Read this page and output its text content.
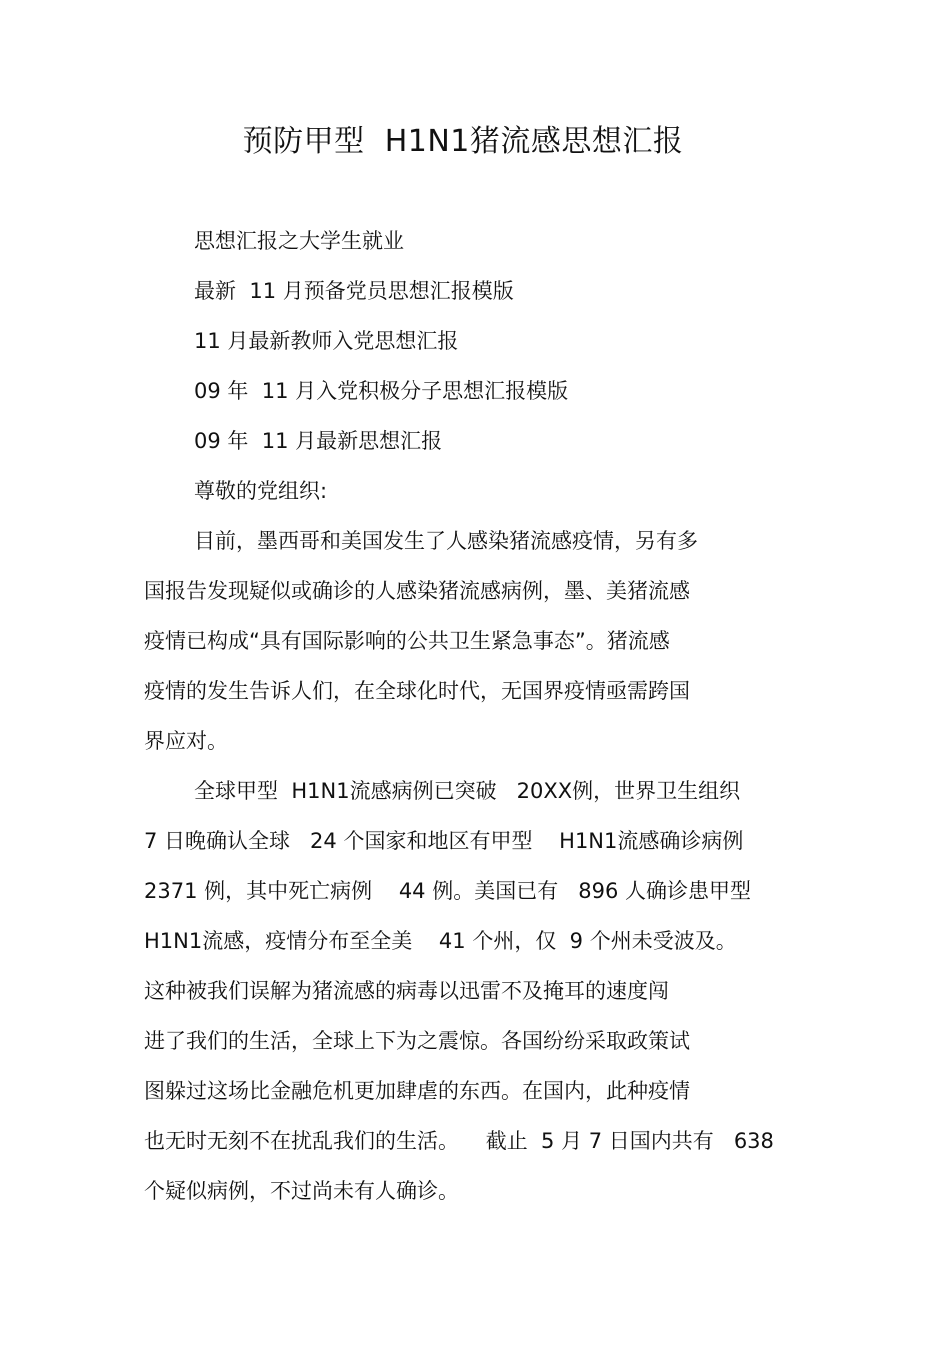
预防甲型  H1N1猪流感思想汇报
思想汇报之大学生就业
最新  11 月预备党员思想汇报模版
11 月最新教师入党思想汇报
09 年  11 月入党积极分子思想汇报模版
09 年  11 月最新思想汇报
尊敬的党组织:
目前，墨西哥和美国发生了人感染猪流感疫情，另有多
国报告发现疑似或确诊的人感染猪流感病例，墨、美猪流感
疫情已构成“具有国际影响的公共卫生紧急事态”。猪流感
疫情的发生告诉人们，在全球化时代，无国界疫情亟需跨国
界应对。
全球甲型  H1N1流感病例已突破   20XX例，世界卫生组织
7 日晚确认全球   24 个国家和地区有甲型    H1N1流感确诊病例
2371 例，其中死亡病例    44 例。美国已有   896 人确诊患甲型
H1N1流感，疫情分布至全美    41 个州，仅  9 个州未受波及。
这种被我们误解为猪流感的病毒以迅雷不及掩耳的速度闯
进了我们的生活，全球上下为之震惊。各国纷纷采取政策试
图躲过这场比金融危机更加肆虐的东西。在国内，此种疫情
也无时无刻不在扰乱我们的生活。    截止  5 月 7 日国内共有   638
个疑似病例，不过尚未有人确诊。
